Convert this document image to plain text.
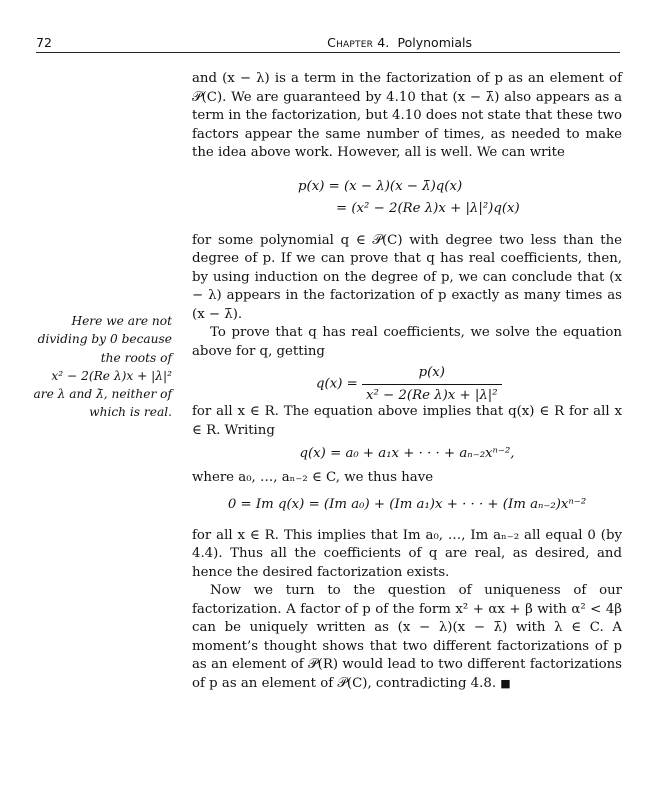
72	Chapter 4. Polynomials
Here we are not
dividing by 0 because
the roots of
x² − 2(Re λ)x + |λ|²
are λ and λ̄, neither of
which is real.

and (x − λ) is a term in the factorization of p as an element of 𝒫(C). We are guaranteed by 4.10 that (x − λ̄) also appears as a term in the factorization, but 4.10 does not state that these two factors appear the same number of times, as needed to make the idea above work. However, all is well. We can write

p(x) = (x − λ)(x − λ̄)q(x)
= (x² − 2(Re λ)x + |λ|²)q(x)

for some polynomial q ∈ 𝒫(C) with degree two less than the degree of p. If we can prove that q has real coefficients, then, by using induction on the degree of p, we can conclude that (x − λ) appears in the factorization of p exactly as many times as (x − λ̄).

To prove that q has real coefficients, we solve the equation above for q, getting

$q(x) = \frac{p(x)}{\text{x² − 2(Re λ)x + |λ|²}}$

for all x ∈ R. The equation above implies that q(x) ∈ R for all x ∈ R. Writing

q(x) = a₀ + a₁x + · · · + aₙ₋₂xⁿ⁻²,

where a₀, …, aₙ₋₂ ∈ C, we thus have

0 = Im q(x) = (Im a₀) + (Im a₁)x + · · · + (Im aₙ₋₂)xⁿ⁻²

for all x ∈ R. This implies that Im a₀, …, Im aₙ₋₂ all equal 0 (by 4.4). Thus all the coefficients of q are real, as desired, and hence the desired factorization exists.

Now we turn to the question of uniqueness of our factorization. A factor of p of the form x² + αx + β with α² < 4β can be uniquely written as (x − λ)(x − λ̄) with λ ∈ C. A moment’s thought shows that two different factorizations of p as an element of 𝒫(R) would lead to two different factorizations of p as an element of 𝒫(C), contradicting 4.8. ■
